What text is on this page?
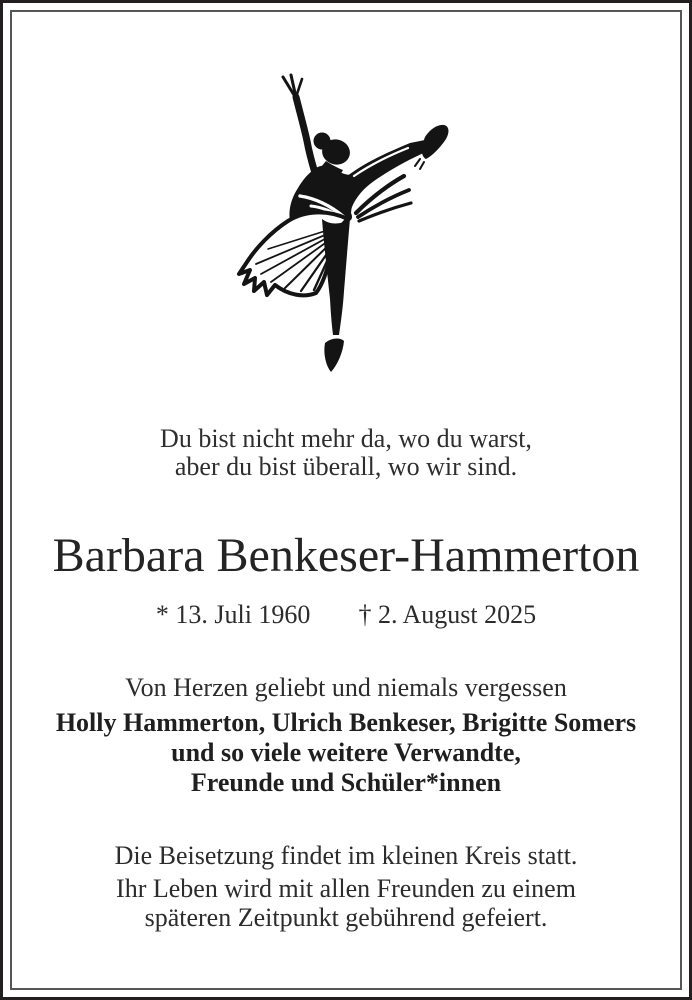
Du bist nicht mehr da, wo du warst,
aber du bist überall, wo wir sind.
Barbara Benkeser-Hammerton
* 13. Juli 1960 † 2. August 2025
Von Herzen geliebt und niemals vergessen
Holly Hammerton, Ulrich Benkeser, Brigitte Somers
und so viele weitere Verwandte,
Freunde und Schüler*innen
Die Beisetzung findet im kleinen Kreis statt.
Ihr Leben wird mit allen Freunden zu einem
späteren Zeitpunkt gebührend gefeiert.
